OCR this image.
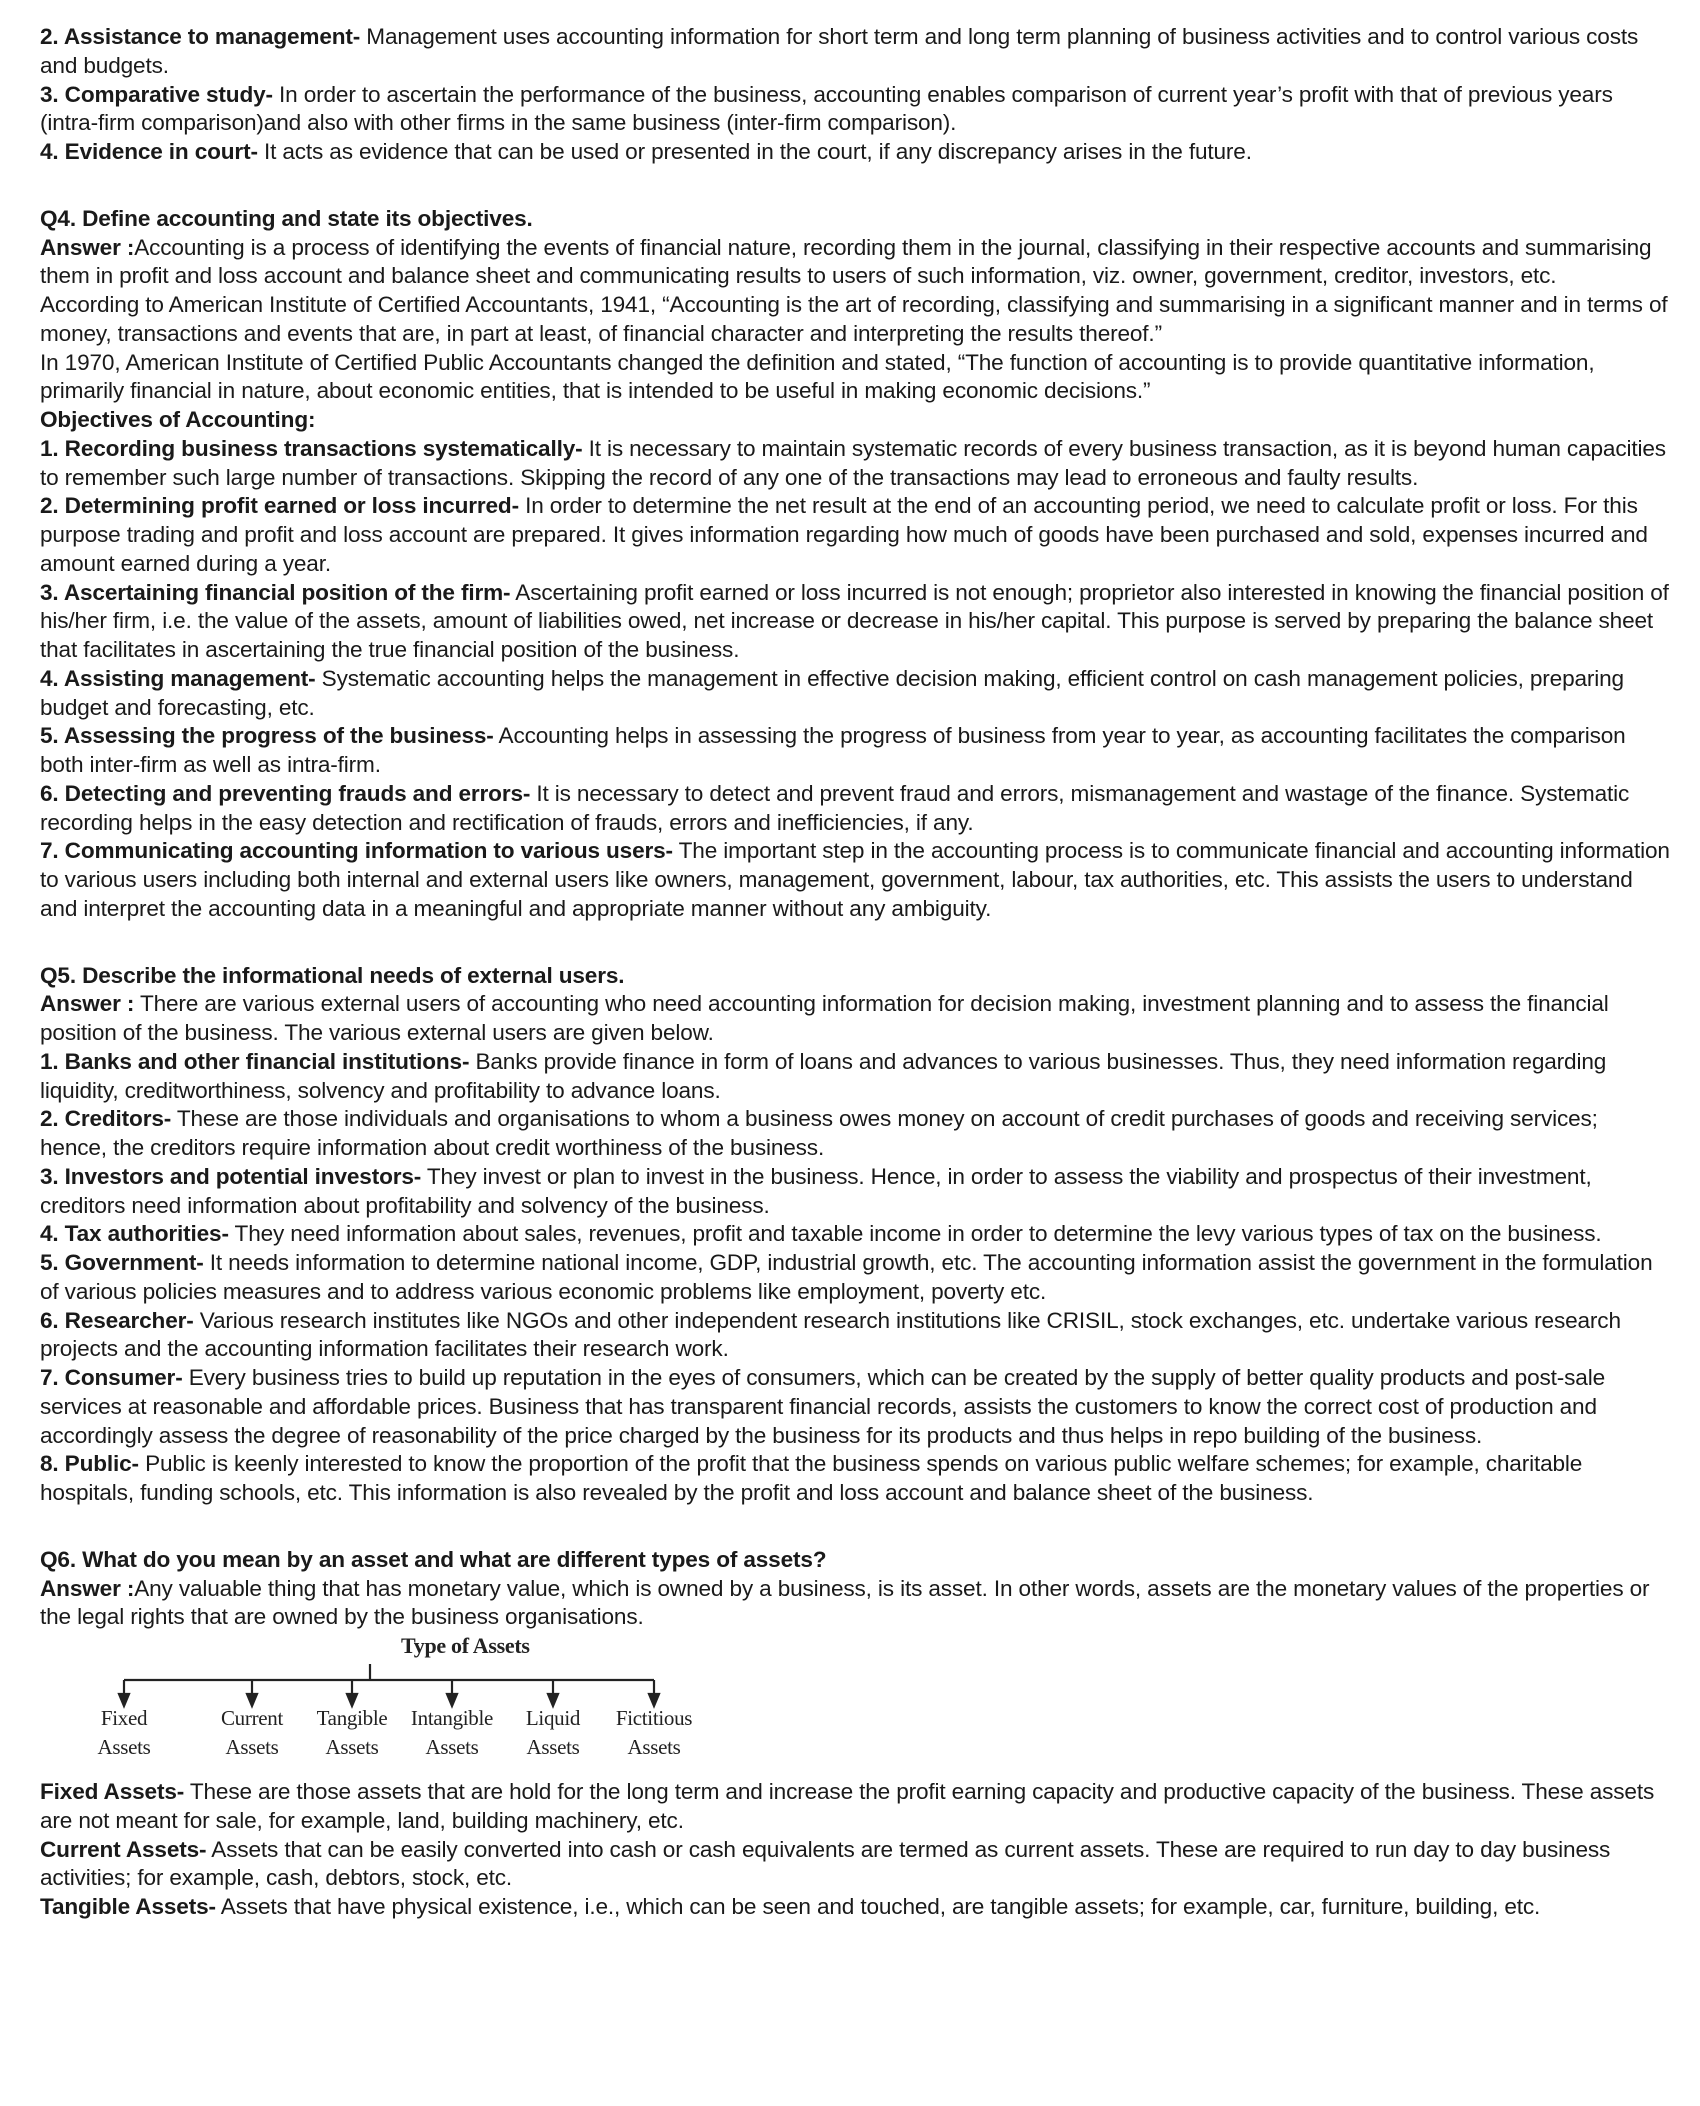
2. Assistance to management- Management uses accounting information for short term and long term planning of business activities and to control various costs and budgets.

3. Comparative study- In order to ascertain the performance of the business, accounting enables comparison of current year’s profit with that of previous years (intra-firm comparison)and also with other firms in the same business (inter-firm comparison).

4. Evidence in court- It acts as evidence that can be used or presented in the court, if any discrepancy arises in the future.

Q4. Define accounting and state its objectives.

Answer :Accounting is a process of identifying the events of financial nature, recording them in the journal, classifying in their respective accounts and summarising them in profit and loss account and balance sheet and communicating results to users of such information, viz. owner, government, creditor, investors, etc.

According to American Institute of Certified Accountants, 1941, “Accounting is the art of recording, classifying and summarising in a significant manner and in terms of money, transactions and events that are, in part at least, of financial character and interpreting the results thereof.”

In 1970, American Institute of Certified Public Accountants changed the definition and stated, “The function of accounting is to provide quantitative information, primarily financial in nature, about economic entities, that is intended to be useful in making economic decisions.”

Objectives of Accounting:

1. Recording business transactions systematically- It is necessary to maintain systematic records of every business transaction, as it is beyond human capacities to remember such large number of transactions. Skipping the record of any one of the transactions may lead to erroneous and faulty results.

2. Determining profit earned or loss incurred- In order to determine the net result at the end of an accounting period, we need to calculate profit or loss. For this purpose trading and profit and loss account are prepared. It gives information regarding how much of goods have been purchased and sold, expenses incurred and amount earned during a year.

3. Ascertaining financial position of the firm- Ascertaining profit earned or loss incurred is not enough; proprietor also interested in knowing the financial position of his/her firm, i.e. the value of the assets, amount of liabilities owed, net increase or decrease in his/her capital. This purpose is served by preparing the balance sheet that facilitates in ascertaining the true financial position of the business.

4. Assisting management- Systematic accounting helps the management in effective decision making, efficient control on cash management policies, preparing budget and forecasting, etc.

5. Assessing the progress of the business- Accounting helps in assessing the progress of business from year to year, as accounting facilitates the comparison both inter-firm as well as intra-firm.

6. Detecting and preventing frauds and errors- It is necessary to detect and prevent fraud and errors, mismanagement and wastage of the finance. Systematic recording helps in the easy detection and rectification of frauds, errors and inefficiencies, if any.

7. Communicating accounting information to various users- The important step in the accounting process is to communicate financial and accounting information to various users including both internal and external users like owners, management, government, labour, tax authorities, etc. This assists the users to understand and interpret the accounting data in a meaningful and appropriate manner without any ambiguity.

Q5. Describe the informational needs of external users.

Answer : There are various external users of accounting who need accounting information for decision making, investment planning and to assess the financial position of the business. The various external users are given below.

1. Banks and other financial institutions- Banks provide finance in form of loans and advances to various businesses. Thus, they need information regarding liquidity, creditworthiness, solvency and profitability to advance loans.

2. Creditors- These are those individuals and organisations to whom a business owes money on account of credit purchases of goods and receiving services; hence, the creditors require information about credit worthiness of the business.

3. Investors and potential investors- They invest or plan to invest in the business. Hence, in order to assess the viability and prospectus of their investment, creditors need information about profitability and solvency of the business.

4. Tax authorities- They need information about sales, revenues, profit and taxable income in order to determine the levy various types of tax on the business.

5. Government- It needs information to determine national income, GDP, industrial growth, etc. The accounting information assist the government in the formulation of various policies measures and to address various economic problems like employment, poverty etc.

6. Researcher- Various research institutes like NGOs and other independent research institutions like CRISIL, stock exchanges, etc. undertake various research projects and the accounting information facilitates their research work.

7. Consumer- Every business tries to build up reputation in the eyes of consumers, which can be created by the supply of better quality products and post-sale services at reasonable and affordable prices. Business that has transparent financial records, assists the customers to know the correct cost of production and accordingly assess the degree of reasonability of the price charged by the business for its products and thus helps in repo building of the business.

8. Public- Public is keenly interested to know the proportion of the profit that the business spends on various public welfare schemes; for example, charitable hospitals, funding schools, etc. This information is also revealed by the profit and loss account and balance sheet of the business.

Q6. What do you mean by an asset and what are different types of assets?

Answer :Any valuable thing that has monetary value, which is owned by a business, is its asset. In other words, assets are the monetary values of the properties or the legal rights that are owned by the business organisations.

Type of Assets
Fixed
Assets
Current
Assets
Tangible
Assets
Intangible
Assets
Liquid
Assets
Fictitious
Assets

Fixed Assets- These are those assets that are hold for the long term and increase the profit earning capacity and productive capacity of the business. These assets are not meant for sale, for example, land, building machinery, etc.

Current Assets- Assets that can be easily converted into cash or cash equivalents are termed as current assets. These are required to run day to day business activities; for example, cash, debtors, stock, etc.

Tangible Assets- Assets that have physical existence, i.e., which can be seen and touched, are tangible assets; for example, car, furniture, building, etc.
